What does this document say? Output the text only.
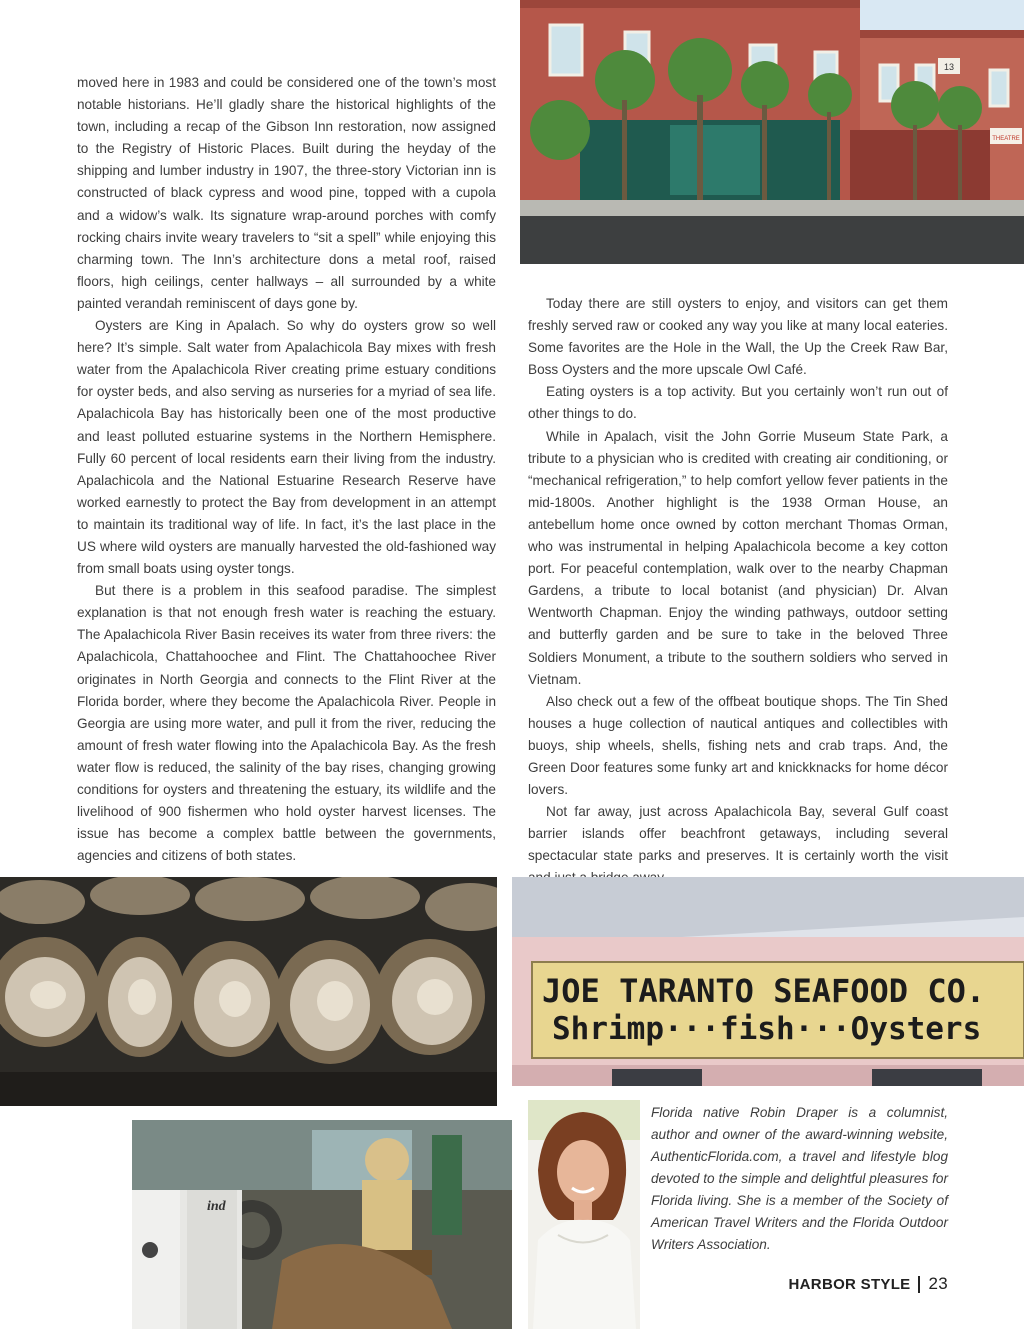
moved here in 1983 and could be considered one of the town’s most notable historians. He’ll gladly share the historical highlights of the town, including a recap of the Gibson Inn restoration, now assigned to the Registry of Historic Places. Built during the heyday of the shipping and lumber industry in 1907, the three-story Victorian inn is constructed of black cypress and wood pine, topped with a cupola and a widow’s walk. Its signature wrap-around porches with comfy rocking chairs invite weary travelers to “sit a spell” while enjoying this charming town. The Inn’s architecture dons a metal roof, raised floors, high ceilings, center hallways – all surrounded by a white painted verandah reminiscent of days gone by.

Oysters are King in Apalach. So why do oysters grow so well here? It’s simple. Salt water from Apalachicola Bay mixes with fresh water from the Apalachicola River creating prime estuary conditions for oyster beds, and also serving as nurseries for a myriad of sea life. Apalachicola Bay has historically been one of the most productive and least polluted estuarine systems in the Northern Hemisphere. Fully 60 percent of local residents earn their living from the industry. Apalachicola and the National Estuarine Research Reserve have worked earnestly to protect the Bay from development in an attempt to maintain its traditional way of life. In fact, it’s the last place in the US where wild oysters are manually harvested the old-fashioned way from small boats using oyster tongs.

But there is a problem in this seafood paradise. The simplest explanation is that not enough fresh water is reaching the estuary. The Apalachicola River Basin receives its water from three rivers: the Apalachicola, Chattahoochee and Flint. The Chattahoochee River originates in North Georgia and connects to the Flint River at the Florida border, where they become the Apalachicola River. People in Georgia are using more water, and pull it from the river, reducing the amount of fresh water flowing into the Apalachicola Bay. As the fresh water flow is reduced, the salinity of the bay rises, changing growing conditions for oysters and threatening the estuary, its wildlife and the livelihood of 900 fishermen who hold oyster harvest licenses. The issue has become a complex battle between the governments, agencies and citizens of both states.

Today there are still oysters to enjoy, and visitors can get them freshly served raw or cooked any way you like at many local eateries. Some favorites are the Hole in the Wall, the Up the Creek Raw Bar, Boss Oysters and the more upscale Owl Café.

Eating oysters is a top activity. But you certainly won’t run out of other things to do.

While in Apalach, visit the John Gorrie Museum State Park, a tribute to a physician who is credited with creating air conditioning, or “mechanical refrigeration,” to help comfort yellow fever patients in the mid-1800s. Another highlight is the 1938 Orman House, an antebellum home once owned by cotton merchant Thomas Orman, who was instrumental in helping Apalachicola become a key cotton port. For peaceful contemplation, walk over to the nearby Chapman Gardens, a tribute to local botanist (and physician) Dr. Alvan Wentworth Chapman. Enjoy the winding pathways, outdoor setting and butterfly garden and be sure to take in the beloved Three Soldiers Monument, a tribute to the southern soldiers who served in Vietnam.

Also check out a few of the offbeat boutique shops. The Tin Shed houses a huge collection of nautical antiques and collectibles with buoys, ship wheels, shells, fishing nets and crab traps. And, the Green Door features some funky art and knickknacks for home décor lovers.

Not far away, just across Apalachicola Bay, several Gulf coast barrier islands offer beachfront getaways, including several spectacular state parks and preserves. It is certainly worth the visit

13
THEATRE
JOE TARANTO SEAFOOD CO.
Shrimp···fish···Oysters
ind
Florida native Robin Draper is a columnist, author and owner of the award-winning website, AuthenticFlorida.com, a travel and lifestyle blog devoted to the simple and delightful pleasures for Florida living. She is a member of the Society of American Travel Writers and the Florida Outdoor Writers Association.
HARBOR STYLE 23
